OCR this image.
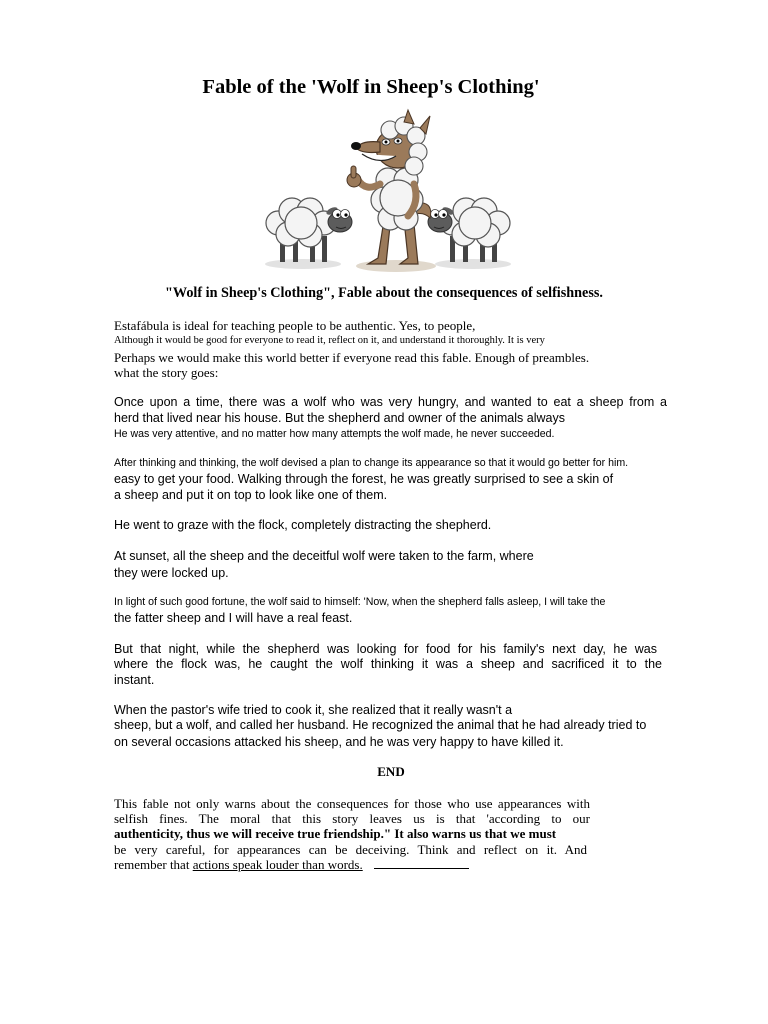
Fable of the 'Wolf in Sheep's Clothing'
"Wolf in Sheep's Clothing", Fable about the consequences of selfishness.
Estafábula is ideal for teaching people to be authentic. Yes, to people,
Although it would be good for everyone to read it, reflect on it, and understand it thoroughly. It is very
Perhaps we would make this world better if everyone read this fable. Enough of preambles.
what the story goes:
Once upon a time, there was a wolf who was very hungry, and wanted to eat a sheep from a
herd that lived near his house. But the shepherd and owner of the animals always
He was very attentive, and no matter how many attempts the wolf made, he never succeeded.
After thinking and thinking, the wolf devised a plan to change its appearance so that it would go better for him.
easy to get your food. Walking through the forest, he was greatly surprised to see a skin of
a sheep and put it on top to look like one of them.
He went to graze with the flock, completely distracting the shepherd.
At sunset, all the sheep and the deceitful wolf were taken to the farm, where
they were locked up.
In light of such good fortune, the wolf said to himself: 'Now, when the shepherd falls asleep, I will take the
the fatter sheep and I will have a real feast.
But that night, while the shepherd was looking for food for his family's next day, he was
where the flock was, he caught the wolf thinking it was a sheep and sacrificed it to the
instant.
When the pastor's wife tried to cook it, she realized that it really wasn't a
sheep, but a wolf, and called her husband. He recognized the animal that he had already tried to
on several occasions attacked his sheep, and he was very happy to have killed it.
END
This fable not only warns about the consequences for those who use appearances with
selfish fines. The moral that this story leaves us is that 'according to our
authenticity, thus we will receive true friendship." It also warns us that we must
be very careful, for appearances can be deceiving. Think and reflect on it. And
remember that actions speak louder than words.
